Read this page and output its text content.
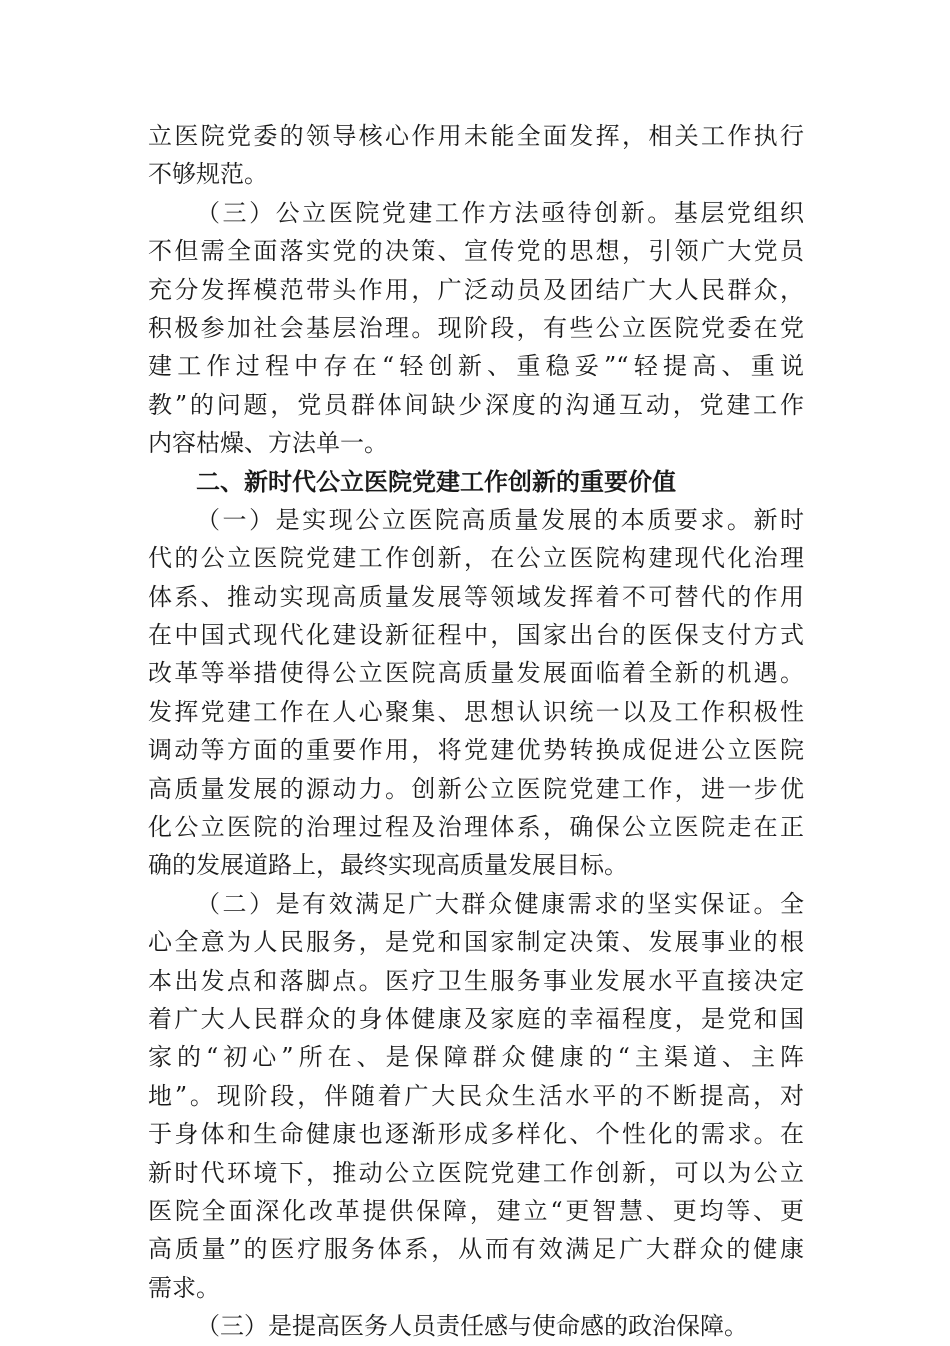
立医院党委的领导核心作用未能全面发挥，相关工作执行
不够规范。
（三）公立医院党建工作方法亟待创新。基层党组织
不但需全面落实党的决策、宣传党的思想，引领广大党员
充分发挥模范带头作用，广泛动员及团结广大人民群众，
积极参加社会基层治理。现阶段，有些公立医院党委在党
建工作过程中存在“轻创新、重稳妥”“轻提高、重说
教”的问题，党员群体间缺少深度的沟通互动，党建工作
内容枯燥、方法单一。
二、新时代公立医院党建工作创新的重要价值
（一）是实现公立医院高质量发展的本质要求。新时
代的公立医院党建工作创新，在公立医院构建现代化治理
体系、推动实现高质量发展等领域发挥着不可替代的作用
在中国式现代化建设新征程中，国家出台的医保支付方式
改革等举措使得公立医院高质量发展面临着全新的机遇。
发挥党建工作在人心聚集、思想认识统一以及工作积极性
调动等方面的重要作用，将党建优势转换成促进公立医院
高质量发展的源动力。创新公立医院党建工作，进一步优
化公立医院的治理过程及治理体系，确保公立医院走在正
确的发展道路上，最终实现高质量发展目标。
（二）是有效满足广大群众健康需求的坚实保证。全
心全意为人民服务，是党和国家制定决策、发展事业的根
本出发点和落脚点。医疗卫生服务事业发展水平直接决定
着广大人民群众的身体健康及家庭的幸福程度，是党和国
家的“初心”所在、是保障群众健康的“主渠道、主阵
地”。现阶段，伴随着广大民众生活水平的不断提高，对
于身体和生命健康也逐渐形成多样化、个性化的需求。在
新时代环境下，推动公立医院党建工作创新，可以为公立
医院全面深化改革提供保障，建立“更智慧、更均等、更
高质量”的医疗服务体系，从而有效满足广大群众的健康
需求。
（三）是提高医务人员责任感与使命感的政治保障。
